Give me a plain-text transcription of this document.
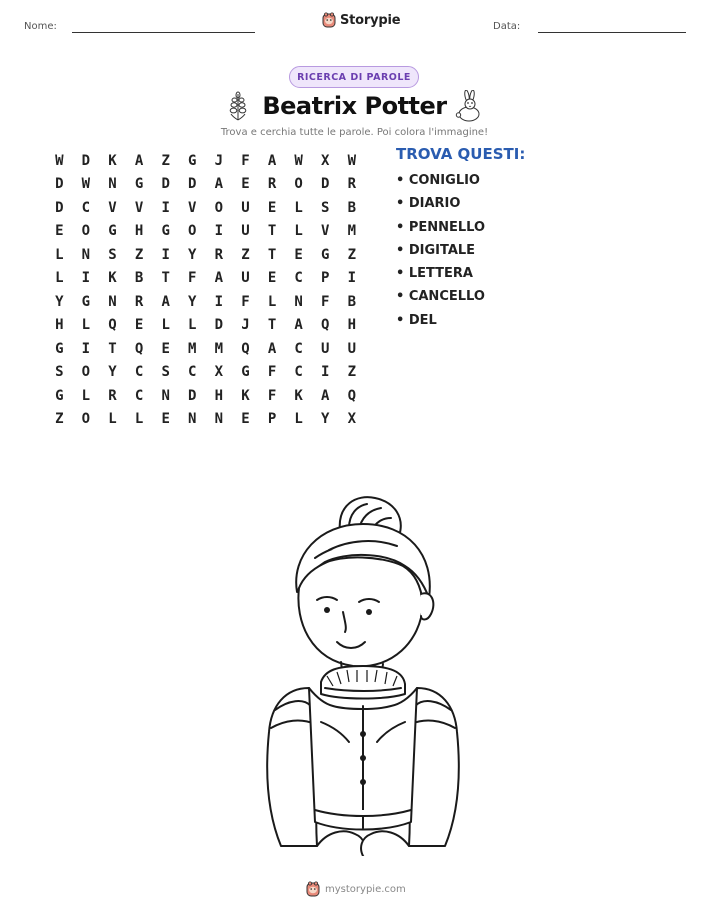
Nome:	Storypie	Data:
RICERCA DI PAROLE
Beatrix Potter
Trova e cerchia tutte le parole. Poi colora l'immagine!
W	D	K	A	Z	G	J	F	A	W	X	W
D	W	N	G	D	D	A	E	R	O	D	R
D	C	V	V	I	V	O	U	E	L	S	B
E	O	G	H	G	O	I	U	T	L	V	M
L	N	S	Z	I	Y	R	Z	T	E	G	Z
L	I	K	B	T	F	A	U	E	C	P	I
Y	G	N	R	A	Y	I	F	L	N	F	B
H	L	Q	E	L	L	D	J	T	A	Q	H
G	I	T	Q	E	M	M	Q	A	C	U	U
S	O	Y	C	S	C	X	G	F	C	I	Z
G	L	R	C	N	D	H	K	F	K	A	Q
Z	O	L	L	E	N	N	E	P	L	Y	X
TROVA QUESTI:
• CONIGLIO
• DIARIO
• PENNELLO
• DIGITALE
• LETTERA
• CANCELLO
• DEL
mystorypie.com
